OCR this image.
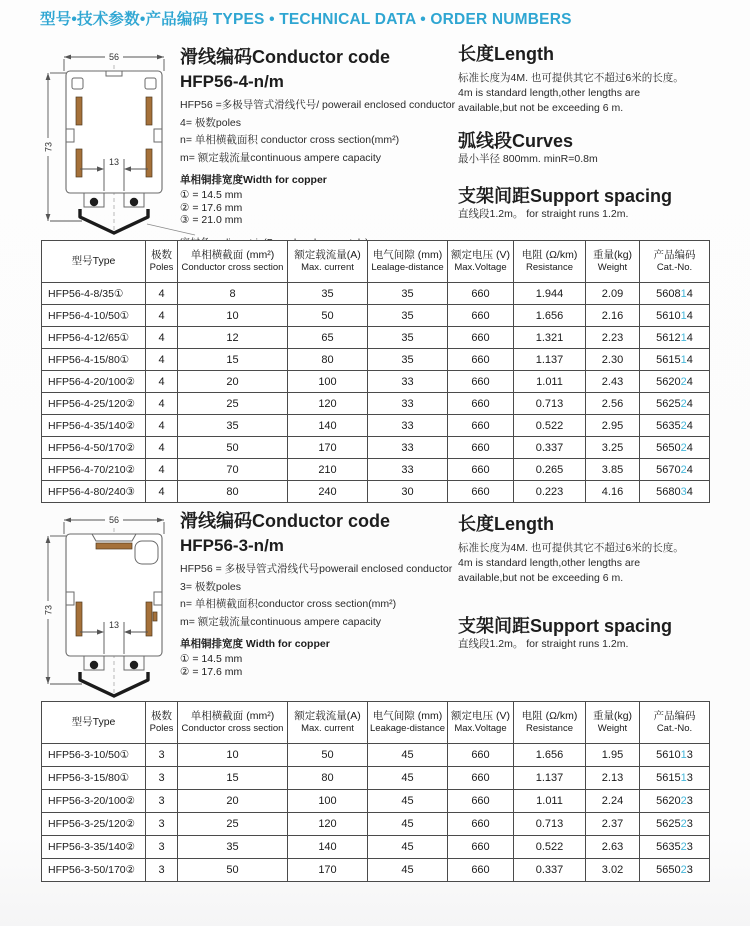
型号•技术参数•产品编码 TYPES • TECHNICAL DATA • ORDER NUMBERS
56
73
13
滑线编码Conductor code
HFP56-4-n/m
HFP56 =多极导管式滑线代号/ powerail enclosed conductor
4= 极数poles
n= 单相横截面积 conductor cross section(mm²)
m= 额定载流量continuous ampere capacity
单相铜排宽度Width for copper
① = 14.5 mm
② = 17.6 mm
③ = 21.0 mm
长度Length
标准长度为4M. 也可提供其它不超过6米的长度。
4m is standard length,other lengths are
available,but not be exceeding 6 m.
弧线段Curves
最小半径 800mm. minR=0.8m
支架间距Support spacing
直线段1.2m。 for straight runs 1.2m.
型号Type	极数
Poles

单相横截面 (mm²)
Conductor cross section

额定载流量(A)
Max. current

电气间隙 (mm)
Lealage-distance

额定电压 (V)
Max.Voltage

电阻 (Ω/km)
Resistance

重量(kg)
Weight

产品编码
Cat.-No.

HFP56-4-8/35①	4	8	35	35	660	1.944	2.09	560814
HFP56-4-10/50①	4	10	50	35	660	1.656	2.16	561014
HFP56-4-12/65①	4	12	65	35	660	1.321	2.23	561214
HFP56-4-15/80①	4	15	80	35	660	1.137	2.30	561514
HFP56-4-20/100②	4	20	100	33	660	1.011	2.43	562024
HFP56-4-25/120②	4	25	120	33	660	0.713	2.56	562524
HFP56-4-35/140②	4	35	140	33	660	0.522	2.95	563524
HFP56-4-50/170②	4	50	170	33	660	0.337	3.25	565024
HFP56-4-70/210②	4	70	210	33	660	0.265	3.85	567024
HFP56-4-80/240③	4	80	240	30	660	0.223	4.16	568034
56
73
13
滑线编码Conductor code
HFP56-3-n/m
HFP56 = 多极导管式滑线代号powerail enclosed conductor
3= 极数poles
n= 单相横截面积conductor cross section(mm²)
m= 额定载流量continuous ampere capacity
单相铜排宽度 Width for copper
① = 14.5 mm
② = 17.6 mm
长度Length
标准长度为4M. 也可提供其它不超过6米的长度。
4m is standard length,other lengths are
available,but not be exceeding 6 m.
支架间距Support spacing
直线段1.2m。 for straight runs 1.2m.
型号Type	极数
Poles

单相横截面 (mm²)
Conductor cross section

额定载流量(A)
Max. current

电气间隙 (mm)
Leakage-distance

额定电压 (V)
Max.Voltage

电阻 (Ω/km)
Resistance

重量(kg)
Weight

产品编码
Cat.-No.

HFP56-3-10/50①	3	10	50	45	660	1.656	1.95	561013
HFP56-3-15/80①	3	15	80	45	660	1.137	2.13	561513
HFP56-3-20/100②	3	20	100	45	660	1.011	2.24	562023
HFP56-3-25/120②	3	25	120	45	660	0.713	2.37	562523
HFP56-3-35/140②	3	35	140	45	660	0.522	2.63	563523
HFP56-3-50/170②	3	50	170	45	660	0.337	3.02	565023
